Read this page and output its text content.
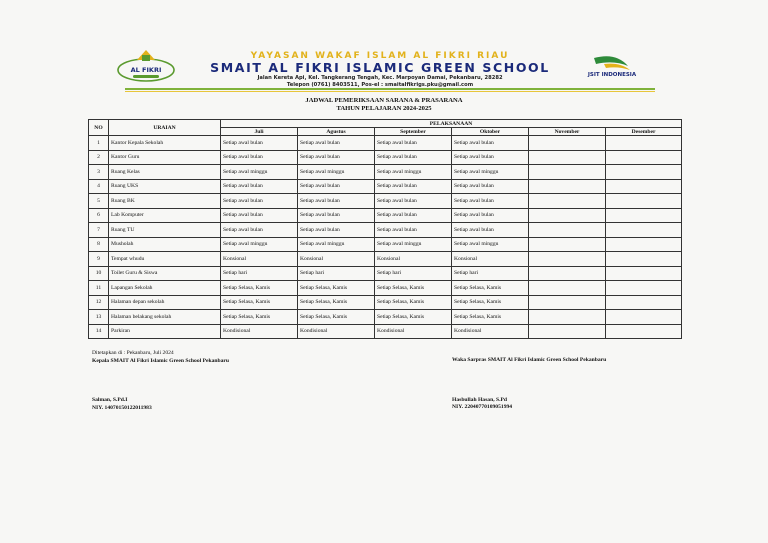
AL FIKRI
YAYASAN WAKAF ISLAM AL FIKRI RIAU
SMAIT AL FIKRI ISLAMIC GREEN SCHOOL
Jalan Kereta Api, Kel. Tangkerang Tengah, Kec. Marpoyan Damai, Pekanbaru, 28282
Telepon (0761) 8403511, Pos-el : smaitalfikrigs.pku@gmail.com
JSIT INDONESIA
JADWAL PEMERIKSAAN SARANA & PRASARANA
TAHUN PELAJARAN 2024-2025
NO	URAIAN	PELAKSANAAN					
		Juli	Agustus	September	Oktober	November	Desember
1	Kantor Kepala Sekolah	Setiap awal bulan	Setiap awal bulan	Setiap awal bulan	Setiap awal bulan		
2	Kantor Guru	Setiap awal bulan	Setiap awal bulan	Setiap awal bulan	Setiap awal bulan		
3	Ruang Kelas	Setiap awal minggu	Setiap awal minggu	Setiap awal minggu	Setiap awal minggu		
4	Ruang UKS	Setiap awal bulan	Setiap awal bulan	Setiap awal bulan	Setiap awal bulan		
5	Ruang BK	Setiap awal bulan	Setiap awal bulan	Setiap awal bulan	Setiap awal bulan		
6	Lab Komputer	Setiap awal bulan	Setiap awal bulan	Setiap awal bulan	Setiap awal bulan		
7	Ruang TU	Setiap awal bulan	Setiap awal bulan	Setiap awal bulan	Setiap awal bulan		
8	Musholah	Setiap awal minggu	Setiap awal minggu	Setiap awal minggu	Setiap awal minggu		
9	Tempat whudu	Konsional	Konsional	Konsional	Konsional		
10	Toilet Guru & Siswa	Setiap hari	Setiap hari	Setiap hari	Setiap hari		
11	Lapangan Sekolah	Setiap Selasa, Kamis	Setiap Selasa, Kamis	Setiap Selasa, Kamis	Setiap Selasa, Kamis		
12	Halaman depan sekolah	Setiap Selasa, Kamis	Setiap Selasa, Kamis	Setiap Selasa, Kamis	Setiap Selasa, Kamis		
13	Halaman belakang sekolah	Setiap Selasa, Kamis	Setiap Selasa, Kamis	Setiap Selasa, Kamis	Setiap Selasa, Kamis		
14	Parkiran	Kondisional	Kondisional	Kondisional	Kondisional		
Ditetapkan di : Pekanbaru, Juli 2024
Kepala SMAIT Al Fikri Islamic Green School Pekanbaru
Salman, S.Pd.I
NIY. 14070150122011983
Waka Sarpras SMAIT Al Fikri Islamic Green School Pekanbaru
Hasbullah Hasan, S.Pd
NIY. 22040770109051994
